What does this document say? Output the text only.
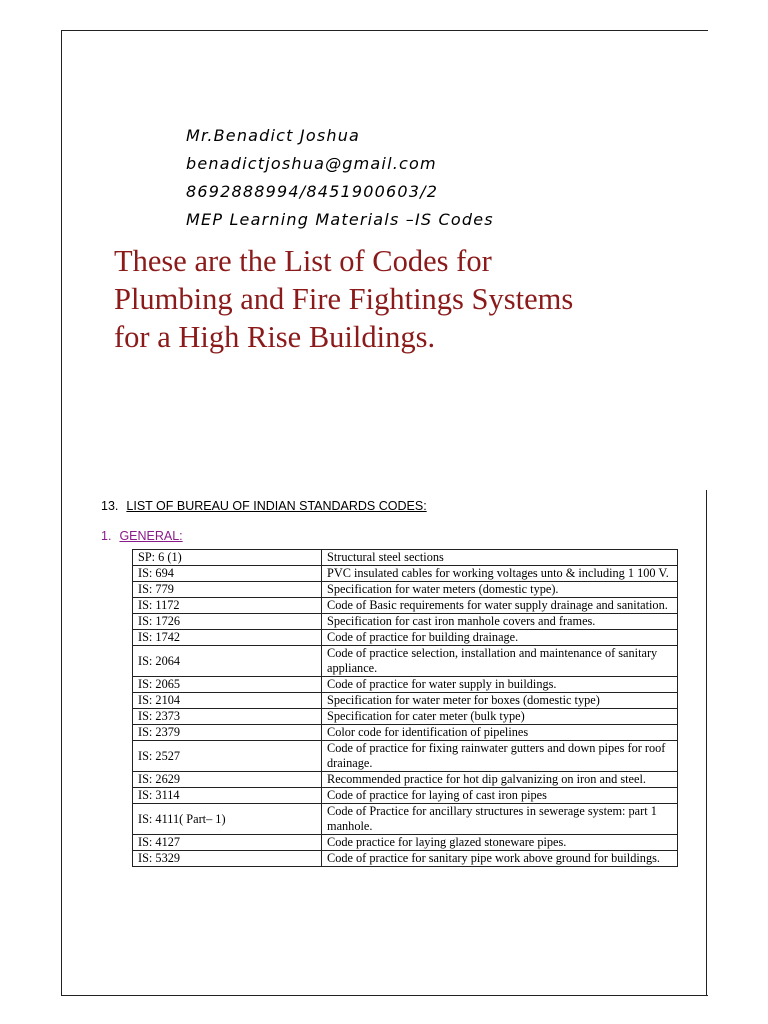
Mr.Benadict Joshua
benadictjoshua@gmail.com
8692888994/8451900603/2
MEP Learning Materials –IS Codes
These are the List of Codes for
Plumbing and Fire Fightings Systems
for a High Rise Buildings.
13. LIST OF BUREAU OF INDIAN STANDARDS CODES:
1. GENERAL:
SP: 6 (1)	Structural steel sections
IS: 694	PVC insulated cables for working voltages unto & including 1 100 V.
IS: 779	Specification for water meters (domestic type).
IS: 1172	Code of Basic requirements for water supply drainage and sanitation.
IS: 1726	Specification for cast iron manhole covers and frames.
IS: 1742	Code of practice for building drainage.
IS: 2064	Code of practice selection, installation and maintenance of sanitary appliance.
IS: 2065	Code of practice for water supply in buildings.
IS: 2104	Specification for water meter for boxes (domestic type)
IS: 2373	Specification for cater meter (bulk type)
IS: 2379	Color code for identification of pipelines
IS: 2527	Code of practice for fixing rainwater gutters and down pipes for roof drainage.
IS: 2629	Recommended practice for hot dip galvanizing on iron and steel.
IS: 3114	Code of practice for laying of cast iron pipes
IS: 4111( Part– 1)	Code of Practice for ancillary structures in sewerage system: part 1 manhole.
IS: 4127	Code practice for laying glazed stoneware pipes.
IS: 5329	Code of practice for sanitary pipe work above ground for buildings.
